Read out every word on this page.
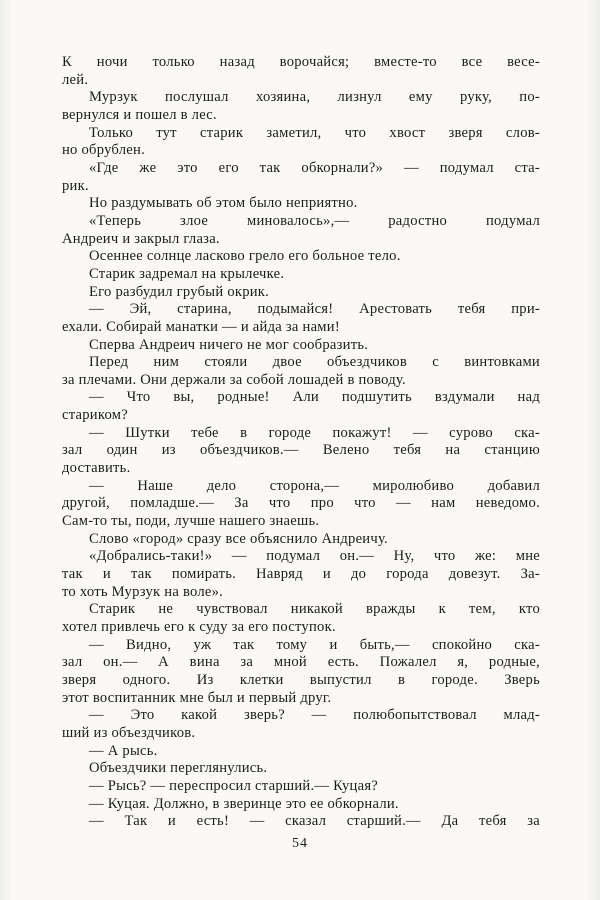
К ночи только назад ворочайся; вместе-то все весе-
лей.
Мурзук послушал хозяина, лизнул ему руку, по-
вернулся и пошел в лес.
Только тут старик заметил, что хвост зверя слов-
но обрублен.
«Где же это его так обкорнали?» — подумал ста-
рик.
Но раздумывать об этом было неприятно.
«Теперь злое миновалось»,— радостно подумал
Андреич и закрыл глаза.
Осеннее солнце ласково грело его больное тело.
Старик задремал на крылечке.
Его разбудил грубый окрик.
— Эй, старина, подымайся! Арестовать тебя при-
ехали. Собирай манатки — и айда за нами!
Сперва Андреич ничего не мог сообразить.
Перед ним стояли двое объездчиков с винтовками
за плечами. Они держали за собой лошадей в поводу.
— Что вы, родные! Али подшутить вздумали над
стариком?
— Шутки тебе в городе покажут! — сурово ска-
зал один из объездчиков.— Велено тебя на станцию
доставить.
— Наше дело сторона,— миролюбиво добавил
другой, помладше.— За что про что — нам неведомо.
Сам-то ты, поди, лучше нашего знаешь.
Слово «город» сразу все объяснило Андреичу.
«Добрались-таки!» — подумал он.— Ну, что же: мне
так и так помирать. Навряд и до города довезут. За-
то хоть Мурзук на воле».
Старик не чувствовал никакой вражды к тем, кто
хотел привлечь его к суду за его поступок.
— Видно, уж так тому и быть,— спокойно ска-
зал он.— А вина за мной есть. Пожалел я, родные,
зверя одного. Из клетки выпустил в городе. Зверь
этот воспитанник мне был и первый друг.
— Это какой зверь? — полюбопытствовал млад-
ший из объездчиков.
— А рысь.
Объездчики переглянулись.
— Рысь? — переспросил старший.— Куцая?
— Куцая. Должно, в зверинце это ее обкорнали.
— Так и есть! — сказал старший.— Да тебя за
54
